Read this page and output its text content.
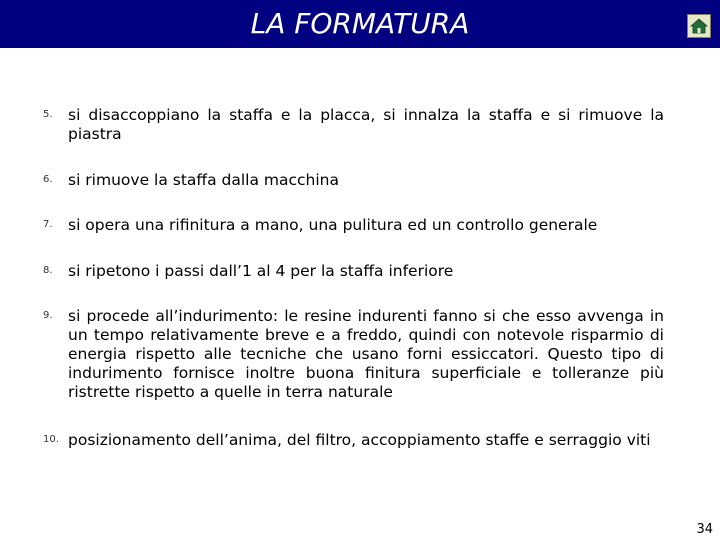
LA FORMATURA
5. si disaccoppiano la staffa e la placca, si innalza la staffa e si rimuove la piastra
6. si rimuove la staffa dalla macchina
7. si opera una rifinitura a mano, una pulitura ed un controllo generale
8. si ripetono i passi dall’1 al 4 per la staffa inferiore
9. si procede all’indurimento: le resine indurenti fanno si che esso avvenga in un tempo relativamente breve e a freddo, quindi con notevole risparmio di energia rispetto alle tecniche che usano forni essiccatori. Questo tipo di indurimento fornisce inoltre buona finitura superficiale e tolleranze più ristrette rispetto a quelle in terra naturale
10. posizionamento dell’anima, del filtro, accoppiamento staffe e serraggio viti
34
